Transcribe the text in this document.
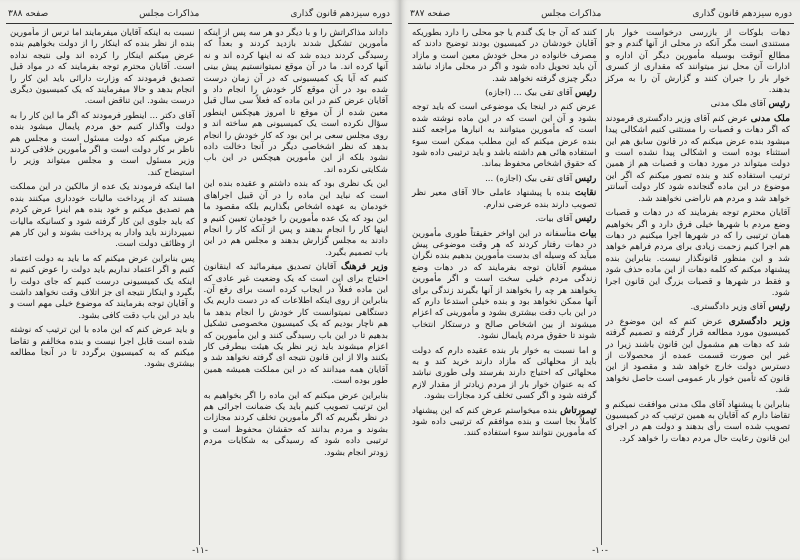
دوره سیزدهم قانون گذاری
مذاکرات مجلس
صفحه ۳۸۸

داداند مذاکراتش را و با دیگر دو هر سه پس از اینکه مأمورین تشکیل شدند بازدید کردند و بعداً که رسیدگی کردند دیده شد که نه اینها کرده اند و نه آنها کرده اند. ما در آن موقع نمیتوانستیم پیش بینی کنیم که آیا یک کمیسیونی که در آن زمان درست شده بود در آن موقع کار خودش را انجام داد و آقایان عرض کنم در این ماده که فعلاً سی سال قبل معین شده از آن موقع تا امروز هیچکس اینطور سؤال نکرده است یک کمیسیونی هم ساخته اند و روی مجلس سعی بر این بود که کار خودش را انجام بدهد که نظر اشخاصی دیگر در آنجا دخالت داده نشود بلکه از این مأمورین هیچکس در این باب شکایتی نکرده اند.

این یک نظری بود که بنده داشتم و عقیده بنده این است که نباید این ماده را در آن قبیل اجراهای خودمان به عهده اشخاص بگذاریم بلکه مقصود ما این بود که یک عده مأمورین را خودمان تعیین کنیم و اینها کار را انجام بدهند و پس از آنکه کار را انجام دادند به مجلس گزارش بدهند و مجلس هم در این باب تصمیم بگیرد.

وزیر فرهنگ آقایان تصدیق میفرمائید که اینقانون احتیاج برای این است که یک وضعیت غیر عادی که این ماده فعلاً در ایجاب کرده است برای رفع آن. بنابراین از روی اینکه اطلاعات که در دست داریم یک دستگاهی نمیتوانست کار خودش را انجام بدهد ما هم ناچار بودیم که یک کمیسیون مخصوصی تشکیل بدهیم تا در این باب رسیدگی کنند و این مأمورین که اعزام میشوند باید زیر نظر یک هیئت بیطرفی کار بکنند والا از این قانون نتیجه ای گرفته نخواهد شد و آقایان همه میدانند که در این مملکت همیشه همین طور بوده است.

بنابراین عرض میکنم که این ماده را اگر بخواهیم به این ترتیب تصویب کنیم باید یک ضمانت اجرائی هم در نظر بگیریم که اگر مأمورین تخلف کردند مجازات بشوند و مردم بدانند که حقشان محفوظ است و ترتیبی داده شود که رسیدگی به شکایات مردم زودتر انجام بشود.

نسبت به اینکه آقایان میفرمایند اما ترس از مأمورین بنده از نظر بنده که اینکار را از دولت بخواهیم بنده عرض میکنم اینکار را کرده اند ولی نتیجه نداده است. آقایان محترم توجه بفرمایند که در مواد قبل تصدیق فرمودند که وزارت دارائی باید این کار را انجام بدهد و حالا میفرمایند که یک کمیسیون دیگری درست بشود. این تناقض است.

آقای دکتر ... اینطور فرمودند که اگر ما این کار را به دولت واگذار کنیم حق مردم پایمال میشود بنده عرض میکنم که دولت مسئول است و مجلس هم ناظر بر کار دولت است و اگر مأمورین خلافی کردند وزیر مسئول است و مجلس میتواند وزیر را استیضاح کند.

اما اینکه فرمودند یک عده از مالکین در این مملکت هستند که از پرداخت مالیات خودداری میکنند بنده هم تصدیق میکنم و خود بنده هم اینرا عرض کردم که باید جلوی این کار گرفته شود و کسانیکه مالیات نمیپردازند باید وادار به پرداخت بشوند و این کار هم از وظائف دولت است.

پس بنابراین عرض میکنم که ما باید به دولت اعتماد کنیم و اگر اعتماد نداریم باید دولت را عوض کنیم نه اینکه یک کمیسیونی درست کنیم که جای دولت را بگیرد و اینکار نتیجه ای جز اتلاف وقت نخواهد داشت و آقایان توجه بفرمایند که موضوع خیلی مهم است و باید در این باب دقت کافی بشود.

و باید عرض کنم که این ماده با این ترتیب که نوشته شده است قابل اجرا نیست و بنده مخالفم و تقاضا میکنم که به کمیسیون برگردد تا در آنجا مطالعه بیشتری بشود.

-۱۱-
دوره سیزدهم قانون گذاری
مذاکرات مجلس
صفحه ۳۸۷

دهات بلوکات از بازرسی درخواست خوار بار مستندی است مگر آنکه در محلی از آنها گندم و جو مطالع آنوقت بوسیله مأمورین دیگر آن اداره و ادارات آن محل نیز میتوانند که مقداری از کسری خوار بار را جبران کنند و گزارش آن را به مرکز بدهند.

رئیس آقای ملک مدنی

ملک مدنی عرض کنم آقای وزیر دادگستری فرمودند که اگر دهات و قصبات را مستثنی کنیم اشکالی پیدا میشود بنده عرض میکنم که در قانون سابق هم این استثناء بوده است و اشکالی پیدا نشده است و دولت میتواند در مورد دهات و قصبات هم از همین ترتیب استفاده کند و بنده تصور میکنم که اگر این موضوع در این ماده گنجانده شود کار دولت آسانتر خواهد شد و مردم هم ناراضی نخواهند شد.

آقایان محترم توجه بفرمایند که در دهات و قصبات وضع مردم با شهرها خیلی فرق دارد و اگر بخواهیم همان ترتیبی را که در شهرها اجرا میکنیم در دهات هم اجرا کنیم زحمت زیادی برای مردم فراهم خواهد شد و این منظور قانونگذار نیست. بنابراین بنده پیشنهاد میکنم که کلمه دهات از این ماده حذف شود و فقط در شهرها و قصبات بزرگ این قانون اجرا شود.

رئیس آقای وزیر دادگستری.

وزیر دادگستری عرض کنم که این موضوع در کمیسیون مورد مطالعه قرار گرفته و تصمیم گرفته شد که دهات هم مشمول این قانون باشند زیرا در غیر این صورت قسمت عمده از محصولات از دسترس دولت خارج خواهد شد و مقصود از این قانون که تأمین خوار بار عمومی است حاصل نخواهد شد.

بنابراین با پیشنهاد آقای ملک مدنی موافقت نمیکنم و تقاضا دارم که آقایان به همین ترتیب که در کمیسیون تصویب شده است رأی بدهند و دولت هم در اجرای این قانون رعایت حال مردم دهات را خواهد کرد.

کنند که آن جا یک گندم یا جو محلی را دارد بطوریکه آقایان خودشان در کمیسیون بودند توضیح دادند که مصرف خانواده در محل خودش معین است و مازاد آن باید تحویل داده شود و اگر در محلی مازاد نباشد دیگر چیزی گرفته نخواهد شد.

رئیس آقای تقی بیک ... (اجازه)

عرض کنم در اینجا یک موضوعی است که باید توجه بشود و آن این است که در این ماده نوشته شده است که مأمورین میتوانند به انبارها مراجعه کنند بنده عرض میکنم که این مطلب ممکن است سوء استفاده هائی هم داشته باشد و باید ترتیبی داده شود که حقوق اشخاص محفوظ بماند.

رئیس آقای تقی بیک (اجازه) ...

نقابت بنده با پیشنهاد عاملی حالا آقای معیر نظر تصویب دارند بنده عرضی ندارم.

رئیس آقای بیات.

بیات متأسفانه در این اواخر حقیقتاً طوری مأمورین در دهات رفتار کردند که هر وقت موضوعی پیش میآید که وسیله ای بدست مأمورین بدهیم بنده نگران میشوم آقایان توجه بفرمایند که در دهات وضع زندگی مردم خیلی سخت است و اگر مأمورین بخواهند هر چه را بخواهند از آنها بگیرند زندگی برای آنها ممکن نخواهد بود و بنده خیلی استدعا دارم که در این باب دقت بیشتری بشود و مأمورینی که اعزام میشوند از بین اشخاص صالح و درستکار انتخاب شوند تا حقوق مردم پایمال نشود.

و اما نسبت به خوار بار بنده عقیده دارم که دولت باید از محلهائی که مازاد دارند خرید کند و به محلهائی که احتیاج دارند بفرستد ولی طوری نباشد که به عنوان خوار بار از مردم زیادتر از مقدار لازم گرفته شود و اگر کسی تخلف کرد مجازات بشود.

تیمورتاش بنده میخواستم عرض کنم که این پیشنهاد کاملاً بجا است و بنده موافقم که ترتیبی داده شود که مأمورین نتوانند سوء استفاده کنند.

-۱۰-
